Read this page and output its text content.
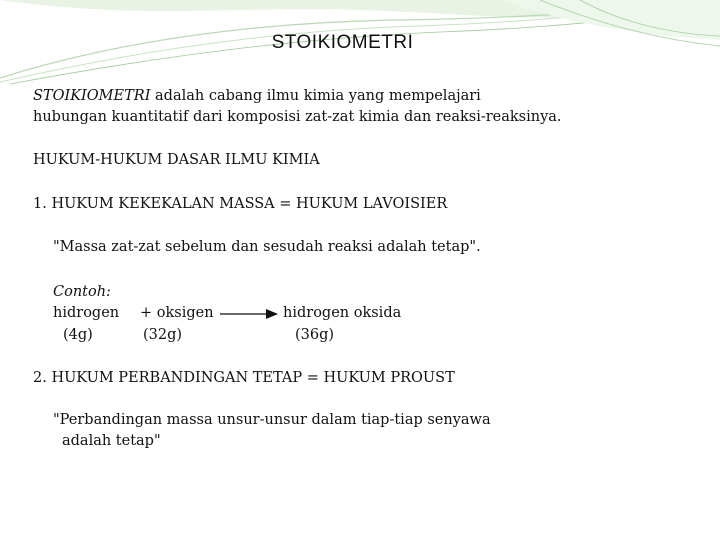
STOIKIOMETRI
STOIKIOMETRI adalah cabang ilmu kimia yang mempelajari
hubungan kuantitatif dari komposisi zat-zat kimia dan reaksi-reaksinya.
HUKUM-HUKUM DASAR ILMU KIMIA
1. HUKUM KEKEKALAN MASSA = HUKUM LAVOISIER
"Massa zat-zat sebelum dan sesudah reaksi adalah tetap".
Contoh:
hidrogen + oksigen → hidrogen oksida
(4g)	(32g)	(36g)
2. HUKUM PERBANDINGAN TETAP = HUKUM PROUST
"Perbandingan massa unsur-unsur dalam tiap-tiap senyawa
adalah tetap"
